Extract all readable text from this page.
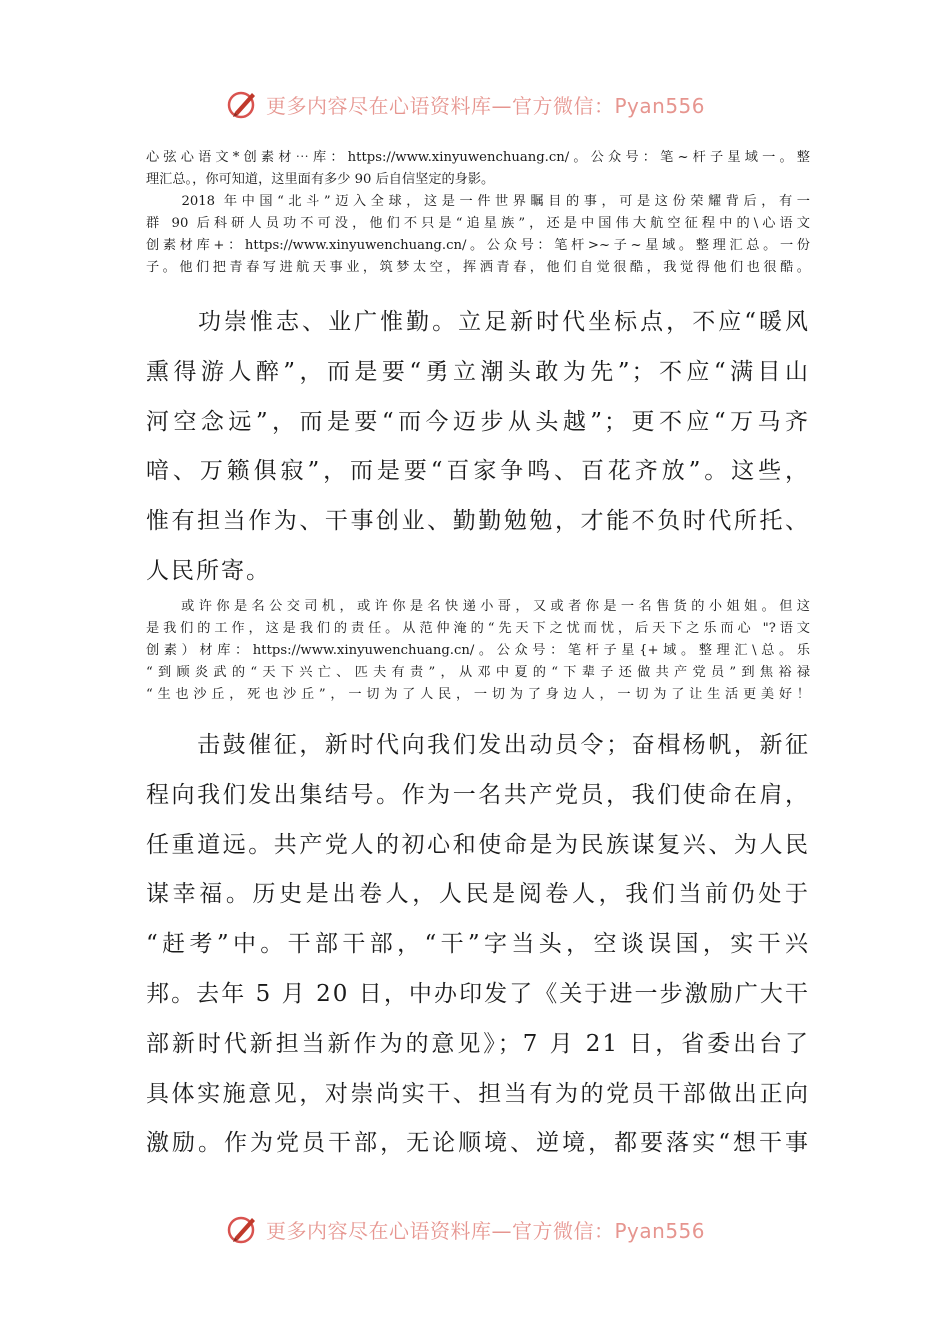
更多内容尽在心语资料库—官方微信：Pyan556
心弦心语文*创素材⋯库：https://www.xinyuwenchuang.cn/。公众号：笔~杆子星域一。整
理汇总。，你可知道，这里面有多少 90 后自信坚定的身影。
　　2018 年中国“北斗”迈入全球，这是一件世界瞩目的事，可是这份荣耀背后，有一
群 90 后科研人员功不可没，他们不只是“追星族”，还是中国伟大航空征程中的\心语文
创素材库+：https://www.xinyuwenchuang.cn/。公众号：笔杆>~子~星域。整理汇总。一份
子。他们把青春写进航天事业，筑梦太空，挥洒青春，他们自觉很酷，我觉得他们也很酷。
　　功崇惟志、业广惟勤。立足新时代坐标点，不应“暖风
熏得游人醉”，而是要“勇立潮头敢为先”；不应“满目山
河空念远”，而是要“而今迈步从头越”；更不应“万马齐
喑、万籁俱寂”，而是要“百家争鸣、百花齐放”。这些，
惟有担当作为、干事创业、勤勤勉勉，才能不负时代所托、
人民所寄。
　　或许你是名公交司机，或许你是名快递小哥，又或者你是一名售货的小姐姐。但这
是我们的工作，这是我们的责任。从范仲淹的“先天下之忧而忧，后天下之乐而心 "?语文
创素）材库：https://www.xinyuwenchuang.cn/。公众号：笔杆子星{+域。整理汇\总。乐
“到顾炎武的“天下兴亡、匹夫有责”，从邓中夏的“下辈子还做共产党员”到焦裕禄
“生也沙丘，死也沙丘”，一切为了人民，一切为了身边人，一切为了让生活更美好！
　　击鼓催征，新时代向我们发出动员令；奋楫杨帆，新征
程向我们发出集结号。作为一名共产党员，我们使命在肩，
任重道远。共产党人的初心和使命是为民族谋复兴、为人民
谋幸福。历史是出卷人，人民是阅卷人，我们当前仍处于
“赶考”中。干部干部，“干”字当头，空谈误国，实干兴
邦。去年 5 月 20 日，中办印发了《关于进一步激励广大干
部新时代新担当新作为的意见》；7 月 21 日，省委出台了
具体实施意见，对崇尚实干、担当有为的党员干部做出正向
激励。作为党员干部，无论顺境、逆境，都要落实“想干事
更多内容尽在心语资料库—官方微信：Pyan556
